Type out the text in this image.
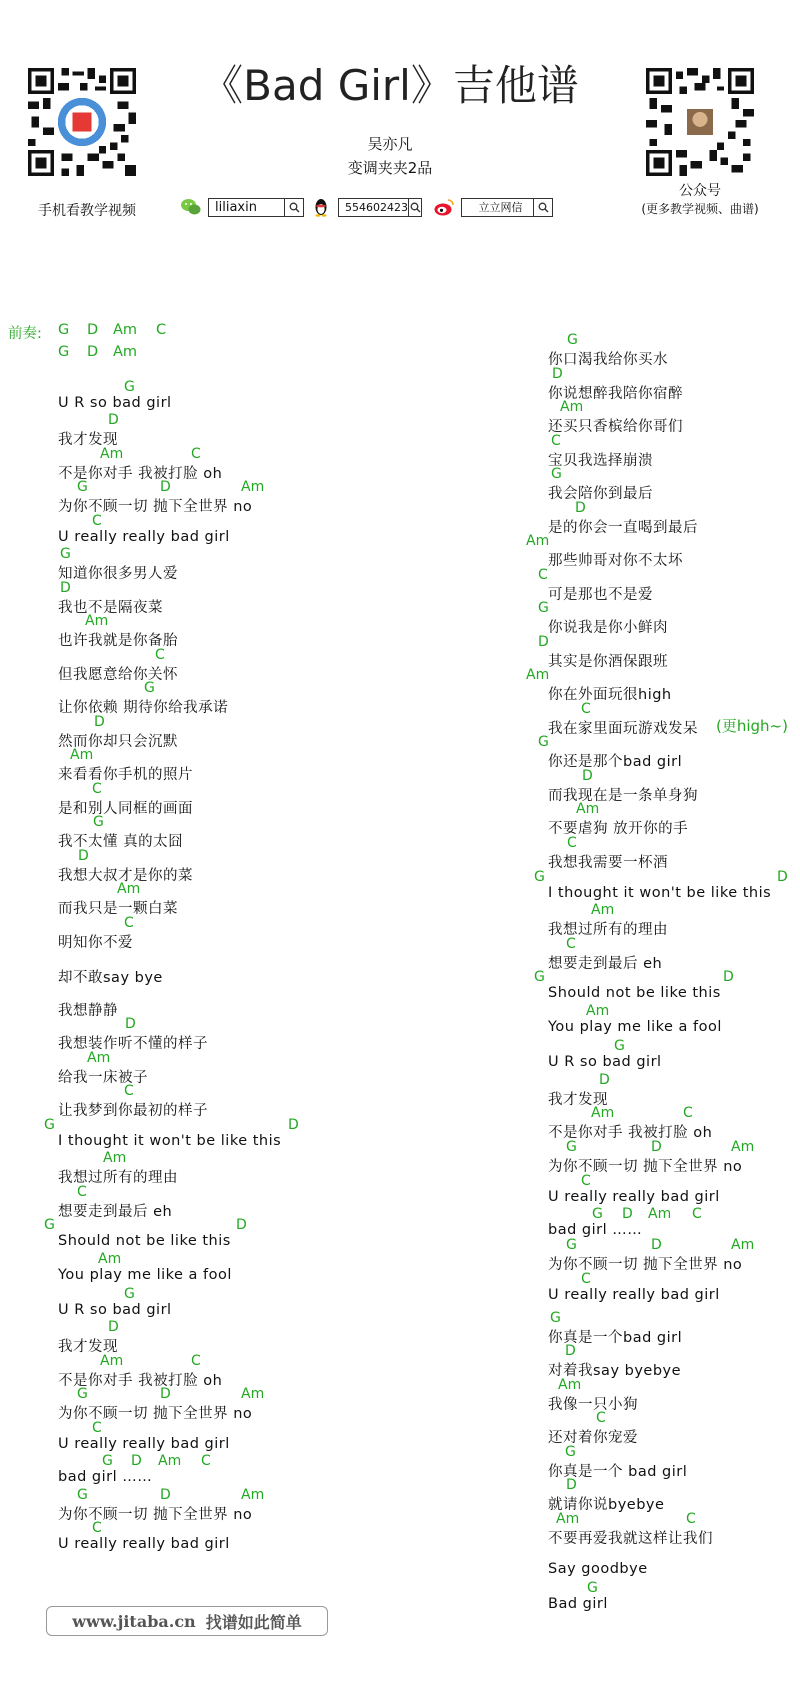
《Bad Girl》吉他谱
吴亦凡
变调夹夹2品
手机看教学视频
公众号
(更多教学视频、曲谱)
liliaxin	554602423	立立网信
前奏: G D Am C
G D Am
U R so bad girl
G
我才发现
D
不是你对手 我被打脸 oh
Am	C
为你不顾一切 抛下全世界 no
G	D	Am
U really really bad girl
C
知道你很多男人爱
G
我也不是隔夜菜
D
也许我就是你备胎
Am
但我愿意给你关怀
C
让你依赖 期待你给我承诺
G
然而你却只会沉默
D
来看看你手机的照片
Am
是和别人同框的画面
C
我不太懂 真的太囧
G
我想大叔才是你的菜
D
而我只是一颗白菜
Am
明知你不爱
C
却不敢say bye
我想静静
我想装作听不懂的样子
D
给我一床被子
Am
让我梦到你最初的样子
C
I thought it won't be like this
G	D
我想过所有的理由
Am
想要走到最后 eh
C
Should not be like this
G	D
You play me like a fool
Am
U R so bad girl
G
我才发现
D
不是你对手 我被打脸 oh
Am	C
为你不顾一切 抛下全世界 no
G	D	Am
U really really bad girl
C
bad girl ……
G D Am C
为你不顾一切 抛下全世界 no
G	D	Am
U really really bad girl
C
你口渴我给你买水
G
你说想醉我陪你宿醉
D
还买只香槟给你哥们
Am
宝贝我选择崩溃
C
我会陪你到最后
G
是的你会一直喝到最后
D
那些帅哥对你不太坏
Am
可是那也不是爱
C
你说我是你小鲜肉
G
其实是你酒保跟班
D
你在外面玩很high
Am
我在家里面玩游戏发呆
C
你还是那个bad girl
G
而我现在是一条单身狗
D
不要虐狗 放开你的手
Am
我想我需要一杯酒
C
I thought it won't be like this
G	D
我想过所有的理由
Am
想要走到最后 eh
C
Should not be like this
G	D
You play me like a fool
Am
U R so bad girl
G
我才发现
D
不是你对手 我被打脸 oh
Am	C
为你不顾一切 抛下全世界 no
G	D	Am
U really really bad girl
C
bad girl ……
G D Am C
为你不顾一切 抛下全世界 no
G	D	Am
U really really bad girl
C
你真是一个bad girl
G
对着我say byebye
D
我像一只小狗
Am
还对着你宠爱
C
你真是一个 bad girl
G
就请你说byebye
D
不要再爱我就这样让我们
Am	C
Say goodbye
Bad girl
G
(更high~)
www.jitaba.cn 找谱如此简单
